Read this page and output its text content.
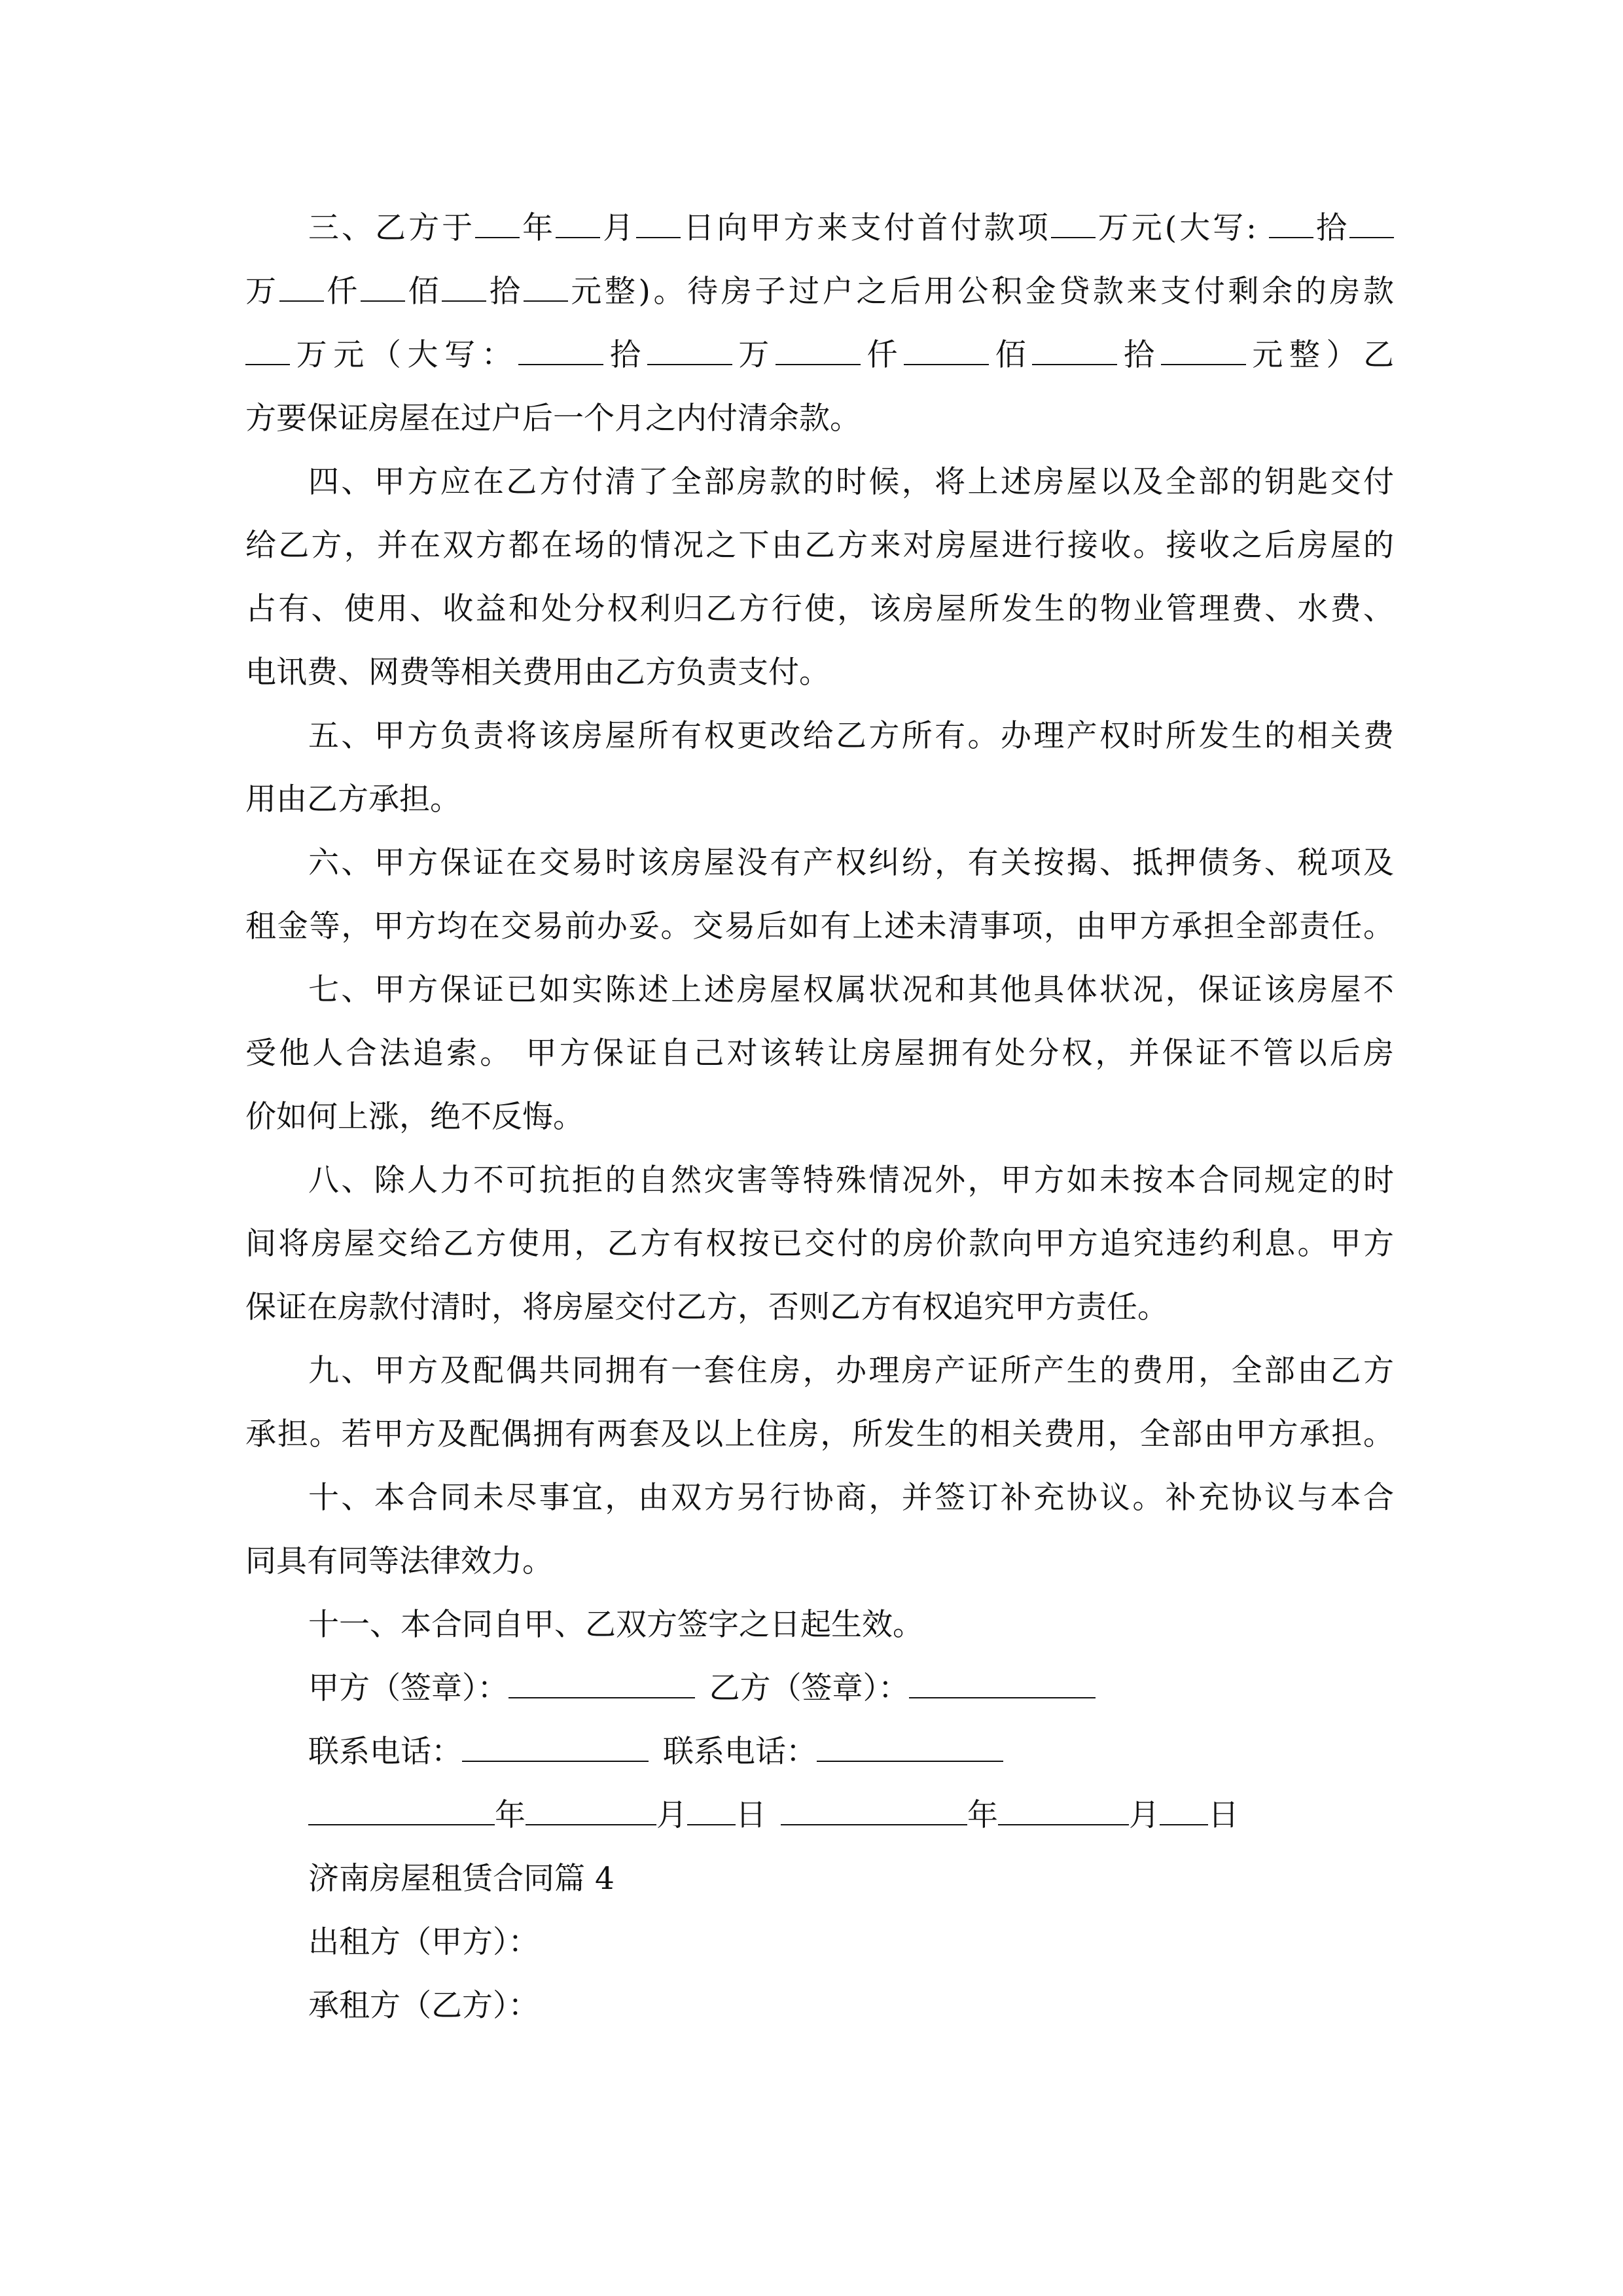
三、乙方于 年 月 日向甲方来支付首付款项 万元(大写: 拾
万 仟 佰 拾 元整)。待房子过户之后用公积金贷款来支付剩余的房款
万元（大写：	拾	万	仟	佰	拾	元整）乙
方要保证房屋在过户后一个月之内付清余款。
四、甲方应在乙方付清了全部房款的时候，将上述房屋以及全部的钥匙交付
给乙方，并在双方都在场的情况之下由乙方来对房屋进行接收。接收之后房屋的
占有、使用、收益和处分权利归乙方行使，该房屋所发生的物业管理费、水费、
电讯费、网费等相关费用由乙方负责支付。
五、甲方负责将该房屋所有权更改给乙方所有。办理产权时所发生的相关费
用由乙方承担。
六、甲方保证在交易时该房屋没有产权纠纷，有关按揭、抵押债务、税项及
租金等，甲方均在交易前办妥。交易后如有上述未清事项，由甲方承担全部责任。
七、甲方保证已如实陈述上述房屋权属状况和其他具体状况，保证该房屋不
受他人合法追索。 甲方保证自己对该转让房屋拥有处分权，并保证不管以后房
价如何上涨，绝不反悔。
八、除人力不可抗拒的自然灾害等特殊情况外，甲方如未按本合同规定的时
间将房屋交给乙方使用，乙方有权按已交付的房价款向甲方追究违约利息。甲方
保证在房款付清时，将房屋交付乙方，否则乙方有权追究甲方责任。
九、甲方及配偶共同拥有一套住房，办理房产证所产生的费用，全部由乙方
承担。若甲方及配偶拥有两套及以上住房，所发生的相关费用，全部由甲方承担。
十、本合同未尽事宜，由双方另行协商，并签订补充协议。补充协议与本合
同具有同等法律效力。
十一、本合同自甲、乙双方签字之日起生效。
甲方（签章）：	乙方（签章）：
联系电话：	联系电话：
年	月 日	年	月 日
济南房屋租赁合同篇 4
出租方（甲方）：
承租方（乙方）：
